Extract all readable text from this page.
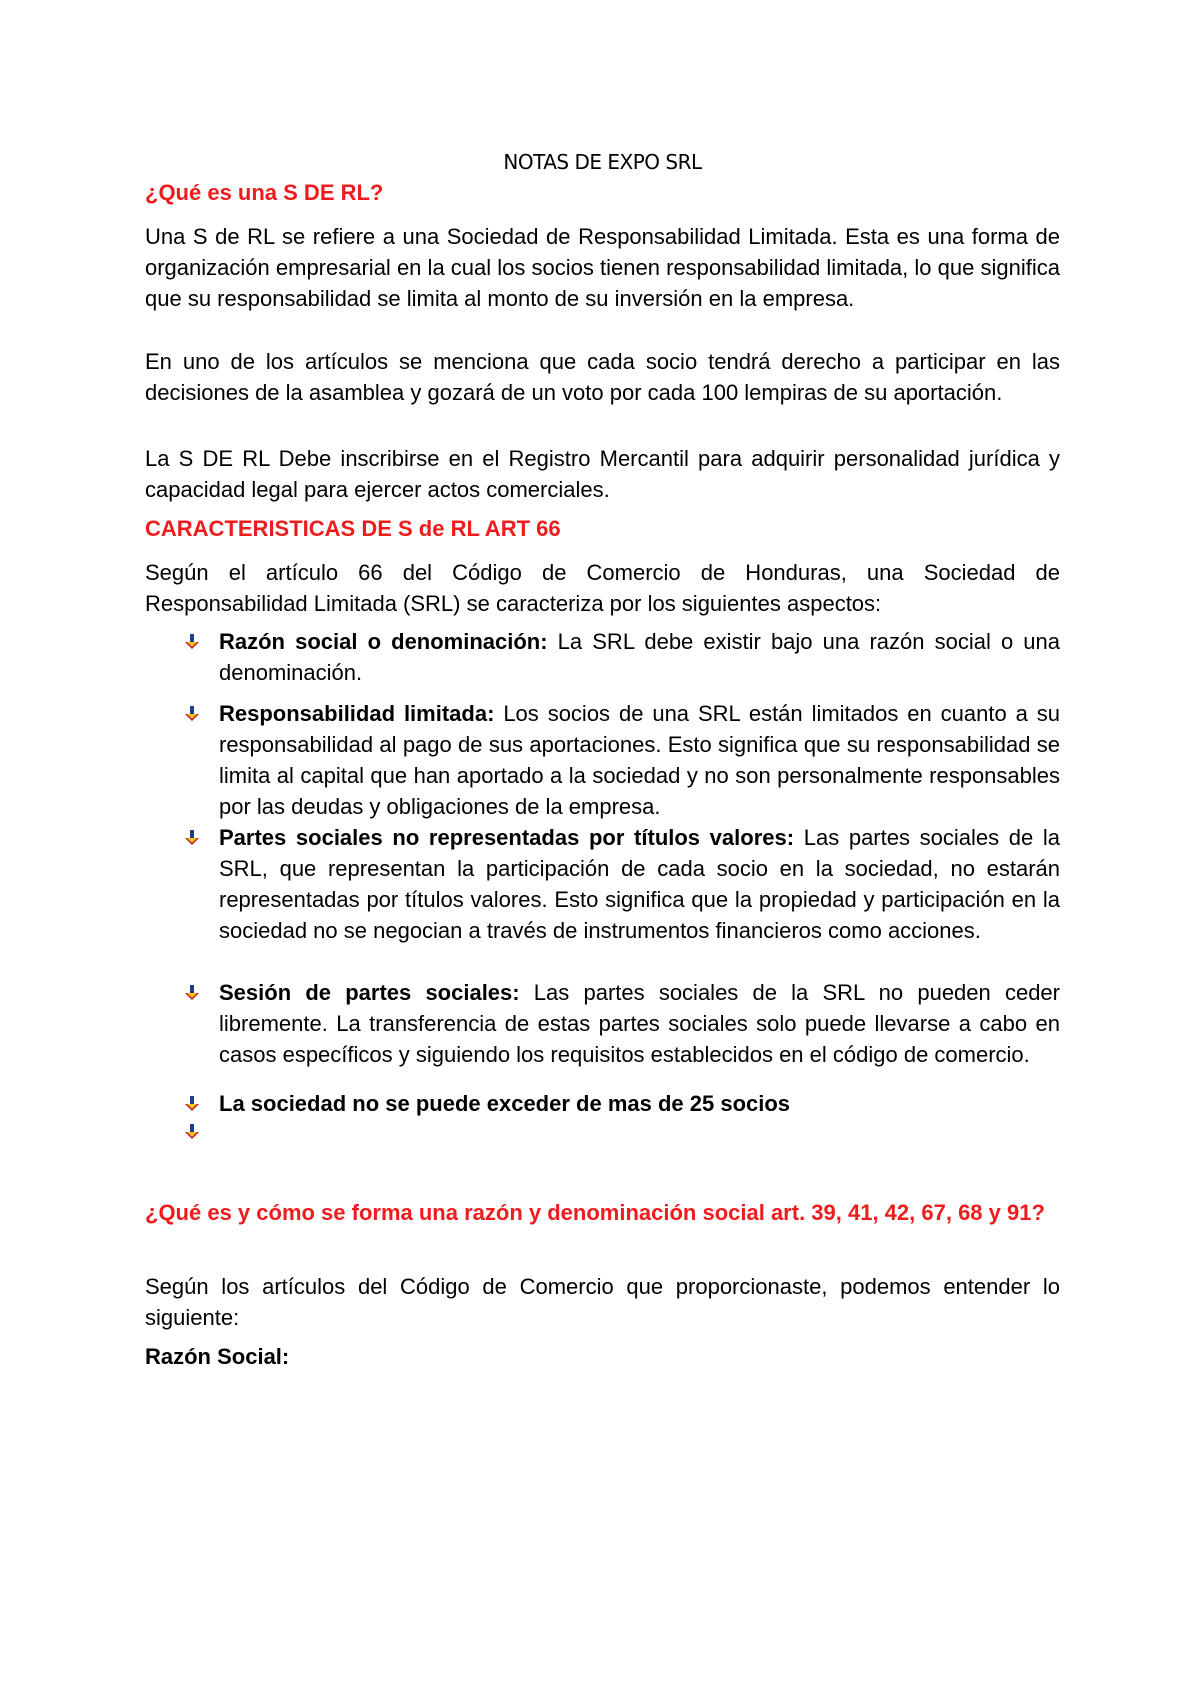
NOTAS DE EXPO SRL
¿Qué es una S DE RL?
Una S de RL se refiere a una Sociedad de Responsabilidad Limitada. Esta es una forma de organización empresarial en la cual los socios tienen responsabilidad limitada, lo que significa que su responsabilidad se limita al monto de su inversión en la empresa.
En uno de los artículos se menciona que cada socio tendrá derecho a participar en las decisiones de la asamblea y gozará de un voto por cada 100 lempiras de su aportación.
La S DE RL Debe inscribirse en el Registro Mercantil para adquirir personalidad jurídica y capacidad legal para ejercer actos comerciales.
CARACTERISTICAS DE S de RL ART 66
Según el artículo 66 del Código de Comercio de Honduras, una Sociedad de Responsabilidad Limitada (SRL) se caracteriza por los siguientes aspectos:
Razón social o denominación: La SRL debe existir bajo una razón social o una denominación.
Responsabilidad limitada: Los socios de una SRL están limitados en cuanto a su responsabilidad al pago de sus aportaciones. Esto significa que su responsabilidad se limita al capital que han aportado a la sociedad y no son personalmente responsables por las deudas y obligaciones de la empresa.
Partes sociales no representadas por títulos valores: Las partes sociales de la SRL, que representan la participación de cada socio en la sociedad, no estarán representadas por títulos valores. Esto significa que la propiedad y participación en la sociedad no se negocian a través de instrumentos financieros como acciones.
Sesión de partes sociales: Las partes sociales de la SRL no pueden ceder libremente. La transferencia de estas partes sociales solo puede llevarse a cabo en casos específicos y siguiendo los requisitos establecidos en el código de comercio.
La sociedad no se puede exceder de mas de 25 socios
¿Qué es y cómo se forma una razón y denominación social art. 39, 41, 42, 67, 68 y 91?
Según los artículos del Código de Comercio que proporcionaste, podemos entender lo siguiente:
Razón Social:
